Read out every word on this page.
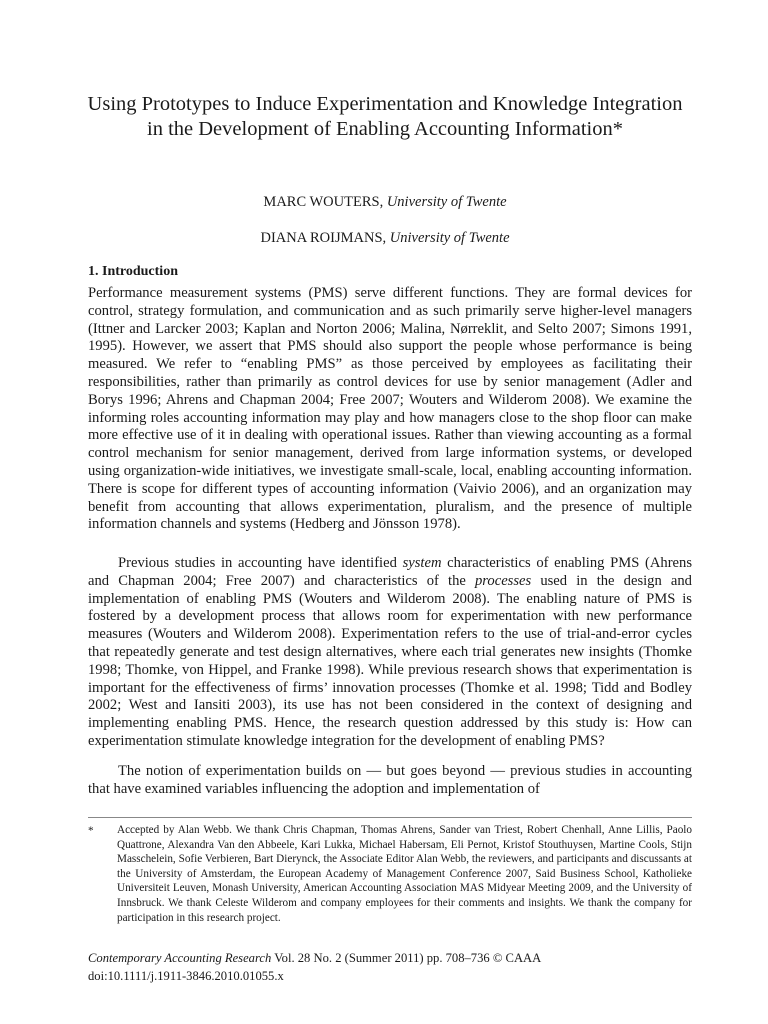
Using Prototypes to Induce Experimentation and Knowledge Integration in the Development of Enabling Accounting Information*
MARC WOUTERS, University of Twente
DIANA ROIJMANS, University of Twente
1. Introduction
Performance measurement systems (PMS) serve different functions. They are formal devices for control, strategy formulation, and communication and as such primarily serve higher-level managers (Ittner and Larcker 2003; Kaplan and Norton 2006; Malina, Nørreklit, and Selto 2007; Simons 1991, 1995). However, we assert that PMS should also support the people whose performance is being measured. We refer to “enabling PMS” as those perceived by employees as facilitating their responsibilities, rather than primarily as control devices for use by senior management (Adler and Borys 1996; Ahrens and Chapman 2004; Free 2007; Wouters and Wilderom 2008). We examine the informing roles accounting information may play and how managers close to the shop floor can make more effective use of it in dealing with operational issues. Rather than viewing accounting as a formal control mechanism for senior management, derived from large information systems, or developed using organization-wide initiatives, we investigate small-scale, local, enabling accounting information. There is scope for different types of accounting information (Vaivio 2006), and an organization may benefit from accounting that allows experimentation, pluralism, and the presence of multiple information channels and systems (Hedberg and Jönsson 1978).
Previous studies in accounting have identified system characteristics of enabling PMS (Ahrens and Chapman 2004; Free 2007) and characteristics of the processes used in the design and implementation of enabling PMS (Wouters and Wilderom 2008). The enabling nature of PMS is fostered by a development process that allows room for experimentation with new performance measures (Wouters and Wilderom 2008). Experimentation refers to the use of trial-and-error cycles that repeatedly generate and test design alternatives, where each trial generates new insights (Thomke 1998; Thomke, von Hippel, and Franke 1998). While previous research shows that experimentation is important for the effectiveness of firms’ innovation processes (Thomke et al. 1998; Tidd and Bodley 2002; West and Iansiti 2003), its use has not been considered in the context of designing and implementing enabling PMS. Hence, the research question addressed by this study is: How can experimentation stimulate knowledge integration for the development of enabling PMS?
The notion of experimentation builds on — but goes beyond — previous studies in accounting that have examined variables influencing the adoption and implementation of
* Accepted by Alan Webb. We thank Chris Chapman, Thomas Ahrens, Sander van Triest, Robert Chenhall, Anne Lillis, Paolo Quattrone, Alexandra Van den Abbeele, Kari Lukka, Michael Habersam, Eli Pernot, Kristof Stouthuysen, Martine Cools, Stijn Masschelein, Sofie Verbieren, Bart Dierynck, the Associate Editor Alan Webb, the reviewers, and participants and discussants at the University of Amsterdam, the European Academy of Management Conference 2007, Said Business School, Katholieke Universiteit Leuven, Monash University, American Accounting Association MAS Midyear Meeting 2009, and the University of Innsbruck. We thank Celeste Wilderom and company employees for their comments and insights. We thank the company for participation in this research project.
Contemporary Accounting Research Vol. 28 No. 2 (Summer 2011) pp. 708–736 © CAAA
doi:10.1111/j.1911-3846.2010.01055.x
